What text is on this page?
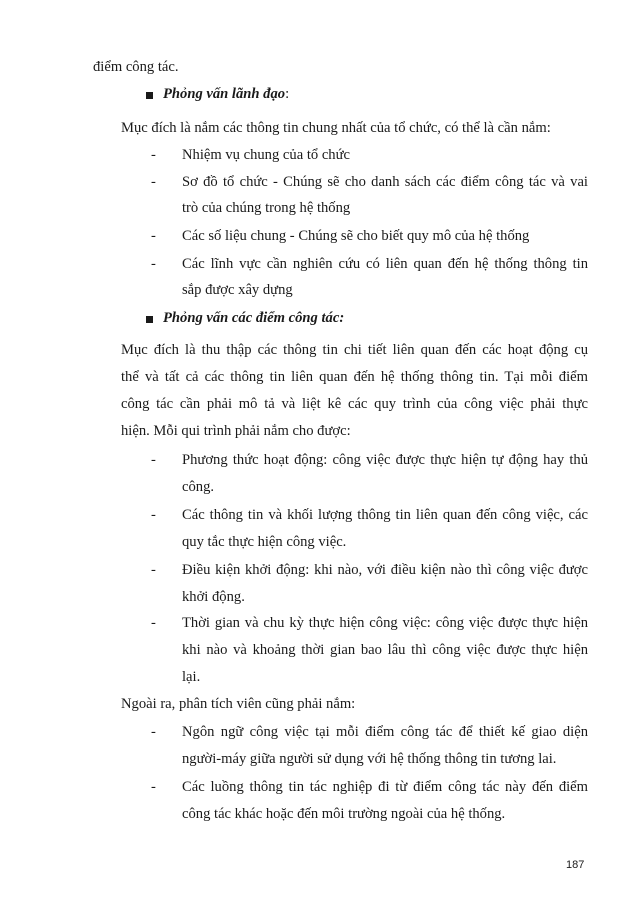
điểm công tác.
Phỏng vấn lãnh đạo:
Mục đích là nắm các thông tin chung nhất của tổ chức, có thể là cần nắm:
- Nhiệm vụ chung của tổ chức
- Sơ đồ tổ chức - Chúng sẽ cho danh sách các điểm công tác và vai
trò của chúng trong hệ thống
- Các số liệu chung - Chúng sẽ cho biết quy mô của hệ thống
- Các lĩnh vực cần nghiên cứu có liên quan đến hệ thống thông tin
sắp được xây dựng
Phỏng vấn các điểm công tác:
Mục đích là thu thập các thông tin chi tiết liên quan đến các hoạt động cụ
thể và tất cả các thông tin liên quan đến hệ thống thông tin. Tại mỗi điểm
công tác cần phải mô tả và liệt kê các quy trình của công việc phải thực
hiện. Mỗi qui trình phải nắm cho được:
- Phương thức hoạt động: công việc được thực hiện tự động hay thủ
công.
- Các thông tin và khối lượng thông tin liên quan đến công việc, các
quy tắc thực hiện công việc.
- Điều kiện khởi động: khi nào, với điều kiện nào thì công việc được
khởi động.
- Thời gian và chu kỳ thực hiện công việc: công việc được thực hiện
khi nào và khoảng thời gian bao lâu thì công việc được thực hiện
lại.
Ngoài ra, phân tích viên cũng phải nắm:
- Ngôn ngữ công việc tại mỗi điểm công tác để thiết kế giao diện
người-máy giữa người sử dụng với hệ thống thông tin tương lai.
- Các luồng thông tin tác nghiệp đi từ điểm công tác này đến điểm
công tác khác hoặc đến môi trường ngoài của hệ thống.
187
